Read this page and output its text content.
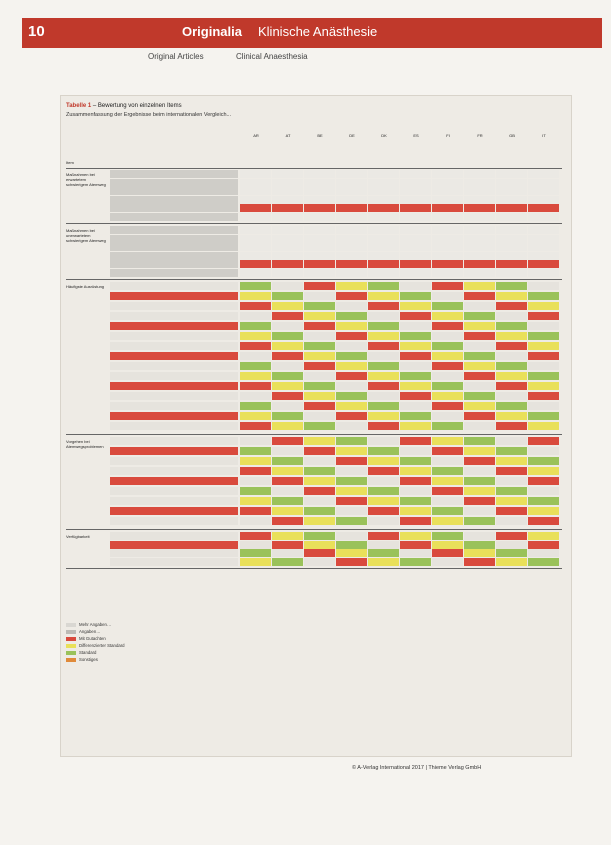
10	Originalia Klinische Anästhesie
Original Articles	Clinical Anaesthesia
Tabelle 1 – Bewertung von einzelnen Items
Zusammenfassung der Ergebnisse beim internationalen Vergleich...
Item
AR	AT	BE	DE	DK	ES	FI	FR	GB	IT
Maßnahmen bei erwartetem schwierigem Atemweg
Maßnahmen bei unerwartetem schwierigem Atemweg
Häufigste Ausrüstung
Vorgehen bei Atemwegsproblemen
Verfügbarkeit
Mehr Angaben…
Angaben…
Mit Gutachten
Differenzierter Standard
Standard
Sonstiges
© A-Verlag International 2017 | Thieme Verlag GmbH
